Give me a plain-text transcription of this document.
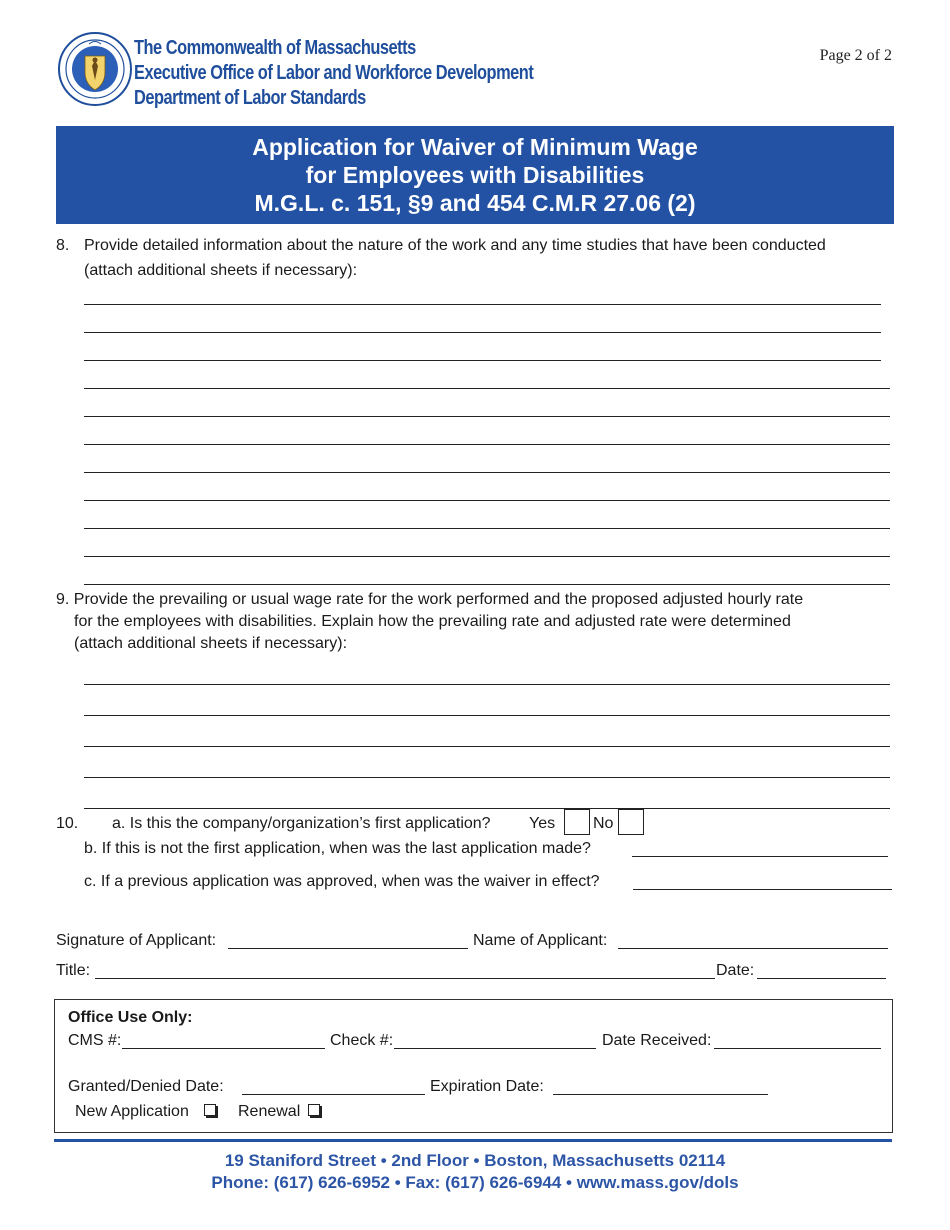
The Commonwealth of Massachusetts
Executive Office of Labor and Workforce Development
Department of Labor Standards
Page 2 of 2
Application for Waiver of Minimum Wage
for Employees with Disabilities
M.G.L. c. 151, §9 and 454 C.M.R 27.06 (2)
8. Provide detailed information about the nature of the work and any time studies that have been conducted
(attach additional sheets if necessary):
9. Provide the prevailing or usual wage rate for the work performed and the proposed adjusted hourly rate
for the employees with disabilities. Explain how the prevailing rate and adjusted rate were determined
(attach additional sheets if necessary):
10. a. Is this the company/organization’s first application? Yes No
b. If this is not the first application, when was the last application made?
c. If a previous application was approved, when was the waiver in effect?
Signature of Applicant:	Name of Applicant:
Title:	Date:
Office Use Only:
CMS #:	Check #:	Date Received:
Granted/Denied Date:	Expiration Date:
New Application	Renewal
19 Staniford Street • 2nd Floor • Boston, Massachusetts 02114
Phone: (617) 626-6952 • Fax: (617) 626-6944 • www.mass.gov/dols
